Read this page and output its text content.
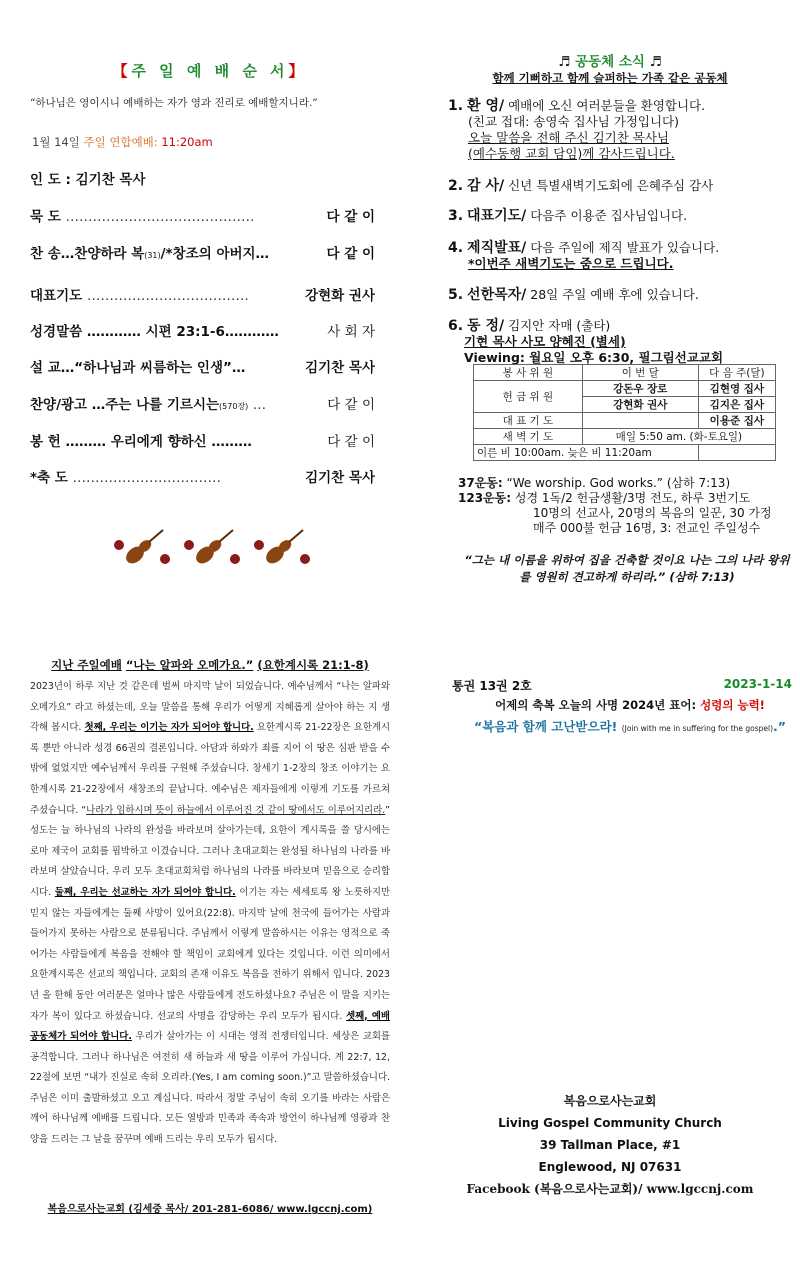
【주 일 예 배 순 서】
“하나님은 영이시니 예배하는 자가 영과 진리로 예배할지니라.”
1월 14일 주일 연합예배: 11:20am
인 도 : 김기찬 목사
묵 도 ……………………………………	다 같 이
찬 송…찬양하라 복(31)/*창조의 아버지…	다 같 이
대표기도 ………………………………	강현화 권사
성경말씀 ………… 시편 23:1-6…………	사 회 자
설 교…“하나님과 씨름하는 인생”…	김기찬 목사
찬양/광고 …주는 나를 기르시는(570장) …	다 같 이
봉 헌 ……… 우리에게 향하신 ………	다 같 이
*축 도 ……………………………	김기찬 목사
♬ 공동체 소식 ♬
함께 기뻐하고 함께 슬퍼하는 가족 같은 공동체
1. 환 영/ 예배에 오신 여러분들을 환영합니다.
(친교 접대: 송영숙 집사님 가정입니다)
오늘 말씀을 전해 주신 김기찬 목사님
(예수동행 교회 담임)께 감사드립니다.
2. 감 사/ 신년 특별새벽기도회에 은혜주심 감사
3. 대표기도/ 다음주 이용준 집사님입니다.
4. 제직발표/ 다음 주일에 제직 발표가 있습니다.
*이번주 새벽기도는 줌으로 드립니다.
5. 선한목자/ 28일 주일 예배 후에 있습니다.
6. 동 정/ 김지안 자매 (출타)
기현 목사 사모 양혜진 (별세)
Viewing: 월요일 오후 6:30, 필그림선교교회
봉 사 위 원	이 번 달	다 음 주(달)
헌 금 위 원	강돈우 장로	김현영 집사
	강현화 권사	김지은 집사
대 표 기 도		이용준 집사
새 벽 기 도	매일 5:50 am. (화-토요일)	
이른 비 10:00am. 늦은 비 11:20am		
37운동: “We worship. God works.” (삼하 7:13)
123운동: 성경 1독/2 헌금생활/3명 전도, 하루 3번기도

10명의 선교사, 20명의 복음의 일꾼, 30 가정
매주 000불 헌금 16명, 3: 전교인 주일성수
“그는 내 이름을 위하여 집을 건축할 것이요 나는 그의 나라 왕위를 영원히 견고하게 하리라.” (삼하 7:13)
지난 주일예배 “나는 알파와 오메가요.” (요한계시록 21:1-8)
2023년이 하루 지난 것 같은데 벌써 마지막 날이 되었습니다. 예수님께서 “나는 알파와 오메가요” 라고 하셨는데, 오늘 말씀을 통해 우리가 어떻게 지혜롭게 살아야 하는 지 생각해 봅시다. 첫째, 우리는 이기는 자가 되어야 합니다. 요한계시록 21-22장은 요한계시록 뿐만 아니라 성경 66권의 결론입니다. 아담과 하와가 죄를 지어 이 땅은 심판 받을 수 밖에 없었지만 예수님께서 우리를 구원해 주셨습니다. 창세기 1-2장의 창조 이야기는 요한계시록 21-22장에서 새창조의 끝납니다. 예수님은 제자들에게 이렇게 기도를 가르쳐 주셨습니다. “나라가 임하시며 뜻이 하늘에서 이루어진 것 같이 땅에서도 이루어지리라.” 성도는 늘 하나님의 나라의 완성을 바라보며 살아가는데, 요한이 계시록을 쓸 당시에는 로마 제국이 교회를 핍박하고 이겼습니다. 그러나 초대교회는 완성될 하나님의 나라를 바라보며 살았습니다. 우리 모두 초대교회처럼 하나님의 나라를 바라보며 믿음으로 승리합시다. 둘째, 우리는 선교하는 자가 되어야 합니다. 이기는 자는 세세토록 왕 노릇하지만 믿지 않는 자들에게는 둘째 사망이 있어요(22:8). 마지막 날에 천국에 들어가는 사람과 들어가지 못하는 사람으로 분류됩니다. 주님께서 이렇게 말씀하시는 이유는 영적으로 죽어가는 사람들에게 복음을 전해야 할 책임이 교회에게 있다는 것입니다. 이런 의미에서 요한계시록은 선교의 책입니다. 교회의 존재 이유도 복음을 전하기 위해서 입니다. 2023년 올 한해 동안 여러분은 얼마나 많은 사람들에게 전도하셨나요? 주님은 이 말을 지키는 자가 복이 있다고 하셨습니다. 선교의 사명을 감당하는 우리 모두가 됩시다. 셋째, 예배 공동체가 되어야 합니다. 우리가 살아가는 이 시대는 영적 전쟁터입니다. 세상은 교회를 공격합니다. 그러나 하나님은 여전히 새 하늘과 새 땅을 이루어 가십니다. 계 22:7, 12, 22절에 보면 “내가 진실로 속히 오리라.(Yes, I am coming soon.)”고 말씀하셨습니다. 주님은 이미 출발하셨고 오고 계십니다. 따라서 정말 주님이 속히 오기를 바라는 사람은 깨어 하나님께 예배를 드립니다. 모든 열방과 민족과 족속과 방언이 하나님께 영광과 찬양을 드리는 그 날을 꿈꾸며 예배 드리는 우리 모두가 됩시다.
복음으로사는교회 (김세중 목사/ 201-281-6086/ www.lgccnj.com)
통권 13권 2호	2023-1-14
어제의 축복 오늘의 사명 2024년 표어: 성령의 능력!
“복음과 함께 고난받으라! (Join with me in suffering for the gospel).”
복음으로사는교회
Living Gospel Community Church
39 Tallman Place, #1
Englewood, NJ 07631
Facebook (복음으로사는교회)/ www.lgccnj.com
